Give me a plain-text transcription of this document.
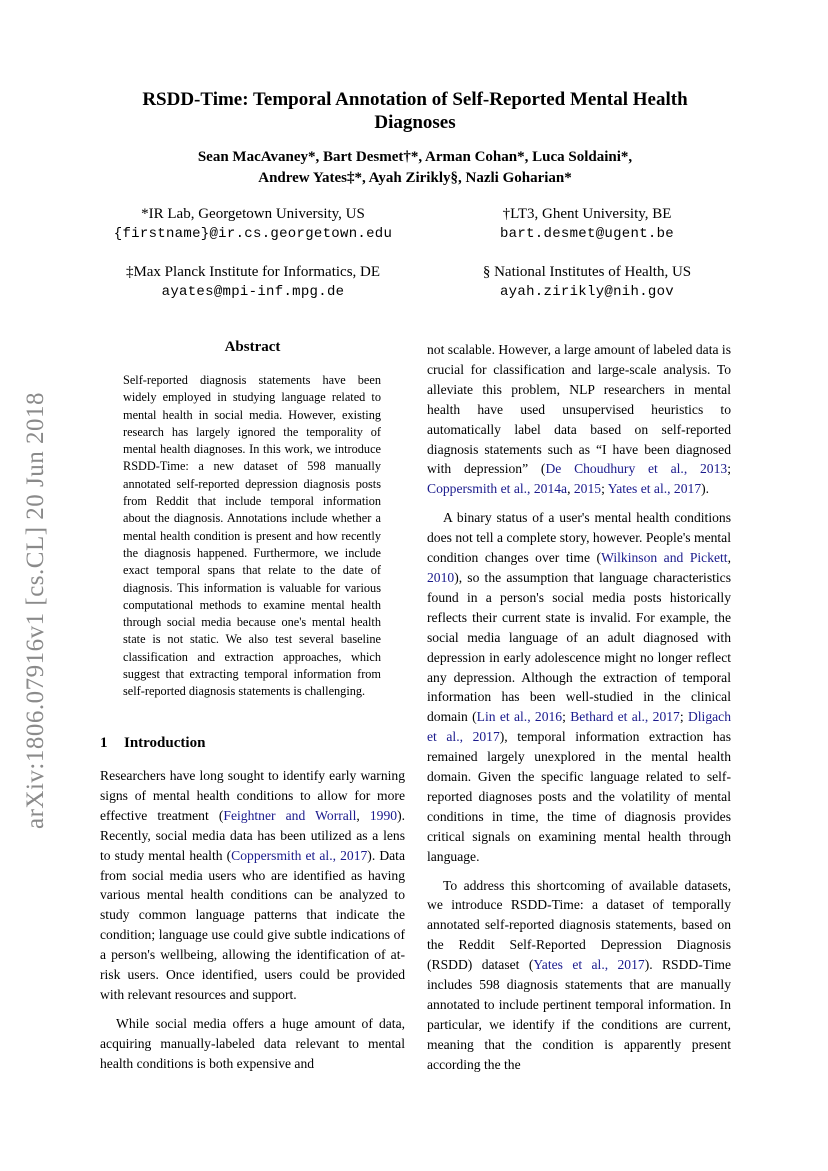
arXiv:1806.07916v1 [cs.CL] 20 Jun 2018
RSDD-Time: Temporal Annotation of Self-Reported Mental Health Diagnoses
Sean MacAvaney*, Bart Desmet†*, Arman Cohan*, Luca Soldaini*,
Andrew Yates‡*, Ayah Zirikly§, Nazli Goharian*
*IR Lab, Georgetown University, US
{firstname}@ir.cs.georgetown.edu
†LT3, Ghent University, BE
bart.desmet@ugent.be
‡Max Planck Institute for Informatics, DE
ayates@mpi-inf.mpg.de
§ National Institutes of Health, US
ayah.zirikly@nih.gov
Abstract
Self-reported diagnosis statements have been widely employed in studying language related to mental health in social media. However, existing research has largely ignored the temporality of mental health diagnoses. In this work, we introduce RSDD-Time: a new dataset of 598 manually annotated self-reported depression diagnosis posts from Reddit that include temporal information about the diagnosis. Annotations include whether a mental health condition is present and how recently the diagnosis happened. Furthermore, we include exact temporal spans that relate to the date of diagnosis. This information is valuable for various computational methods to examine mental health through social media because one's mental health state is not static. We also test several baseline classification and extraction approaches, which suggest that extracting temporal information from self-reported diagnosis statements is challenging.
1 Introduction

Researchers have long sought to identify early warning signs of mental health conditions to allow for more effective treatment (Feightner and Worrall, 1990). Recently, social media data has been utilized as a lens to study mental health (Coppersmith et al., 2017). Data from social media users who are identified as having various mental health conditions can be analyzed to study common language patterns that indicate the condition; language use could give subtle indications of a person's wellbeing, allowing the identification of at-risk users. Once identified, users could be provided with relevant resources and support.

While social media offers a huge amount of data, acquiring manually-labeled data relevant to mental health conditions is both expensive and

not scalable. However, a large amount of labeled data is crucial for classification and large-scale analysis. To alleviate this problem, NLP researchers in mental health have used unsupervised heuristics to automatically label data based on self-reported diagnosis statements such as “I have been diagnosed with depression” (De Choudhury et al., 2013; Coppersmith et al., 2014a, 2015; Yates et al., 2017).

A binary status of a user's mental health conditions does not tell a complete story, however. People's mental condition changes over time (Wilkinson and Pickett, 2010), so the assumption that language characteristics found in a person's social media posts historically reflects their current state is invalid. For example, the social media language of an adult diagnosed with depression in early adolescence might no longer reflect any depression. Although the extraction of temporal information has been well-studied in the clinical domain (Lin et al., 2016; Bethard et al., 2017; Dligach et al., 2017), temporal information extraction has remained largely unexplored in the mental health domain. Given the specific language related to self-reported diagnoses posts and the volatility of mental conditions in time, the time of diagnosis provides critical signals on examining mental health through language.

To address this shortcoming of available datasets, we introduce RSDD-Time: a dataset of temporally annotated self-reported diagnosis statements, based on the Reddit Self-Reported Depression Diagnosis (RSDD) dataset (Yates et al., 2017). RSDD-Time includes 598 diagnosis statements that are manually annotated to include pertinent temporal information. In particular, we identify if the conditions are current, meaning that the condition is apparently present according the the
